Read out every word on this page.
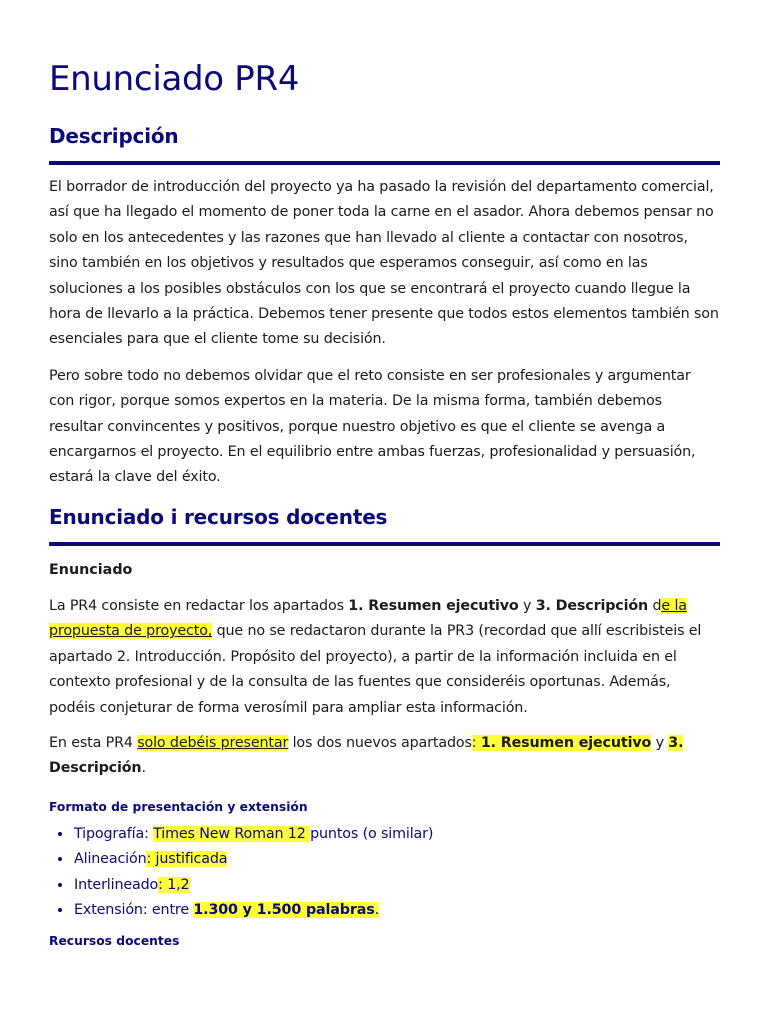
Enunciado PR4
Descripción

El borrador de introducción del proyecto ya ha pasado la revisión del departamento comercial, así que ha llegado el momento de poner toda la carne en el asador. Ahora debemos pensar no solo en los antecedentes y las razones que han llevado al cliente a contactar con nosotros, sino también en los objetivos y resultados que esperamos conseguir, así como en las soluciones a los posibles obstáculos con los que se encontrará el proyecto cuando llegue la hora de llevarlo a la práctica. Debemos tener presente que todos estos elementos también son esenciales para que el cliente tome su decisión.

Pero sobre todo no debemos olvidar que el reto consiste en ser profesionales y argumentar con rigor, porque somos expertos en la materia. De la misma forma, también debemos resultar convincentes y positivos, porque nuestro objetivo es que el cliente se avenga a encargarnos el proyecto. En el equilibrio entre ambas fuerzas, profesionalidad y persuasión, estará la clave del éxito.

Enunciado i recursos docentes
Enunciado

La PR4 consiste en redactar los apartados 1. Resumen ejecutivo y 3. Descripción de la propuesta de proyecto, que no se redactaron durante la PR3 (recordad que allí escribisteis el apartado 2. Introducción. Propósito del proyecto), a partir de la información incluida en el contexto profesional y de la consulta de las fuentes que consideréis oportunas. Además, podéis conjeturar de forma verosímil para ampliar esta información.

En esta PR4 solo debéis presentar los dos nuevos apartados: 1. Resumen ejecutivo y 3. Descripción.

Formato de presentación y extensión
• Tipografía: Times New Roman 12 puntos (o similar)
• Alineación: justificada
• Interlineado: 1,2
• Extensión: entre 1.300 y 1.500 palabras.
Recursos docentes
